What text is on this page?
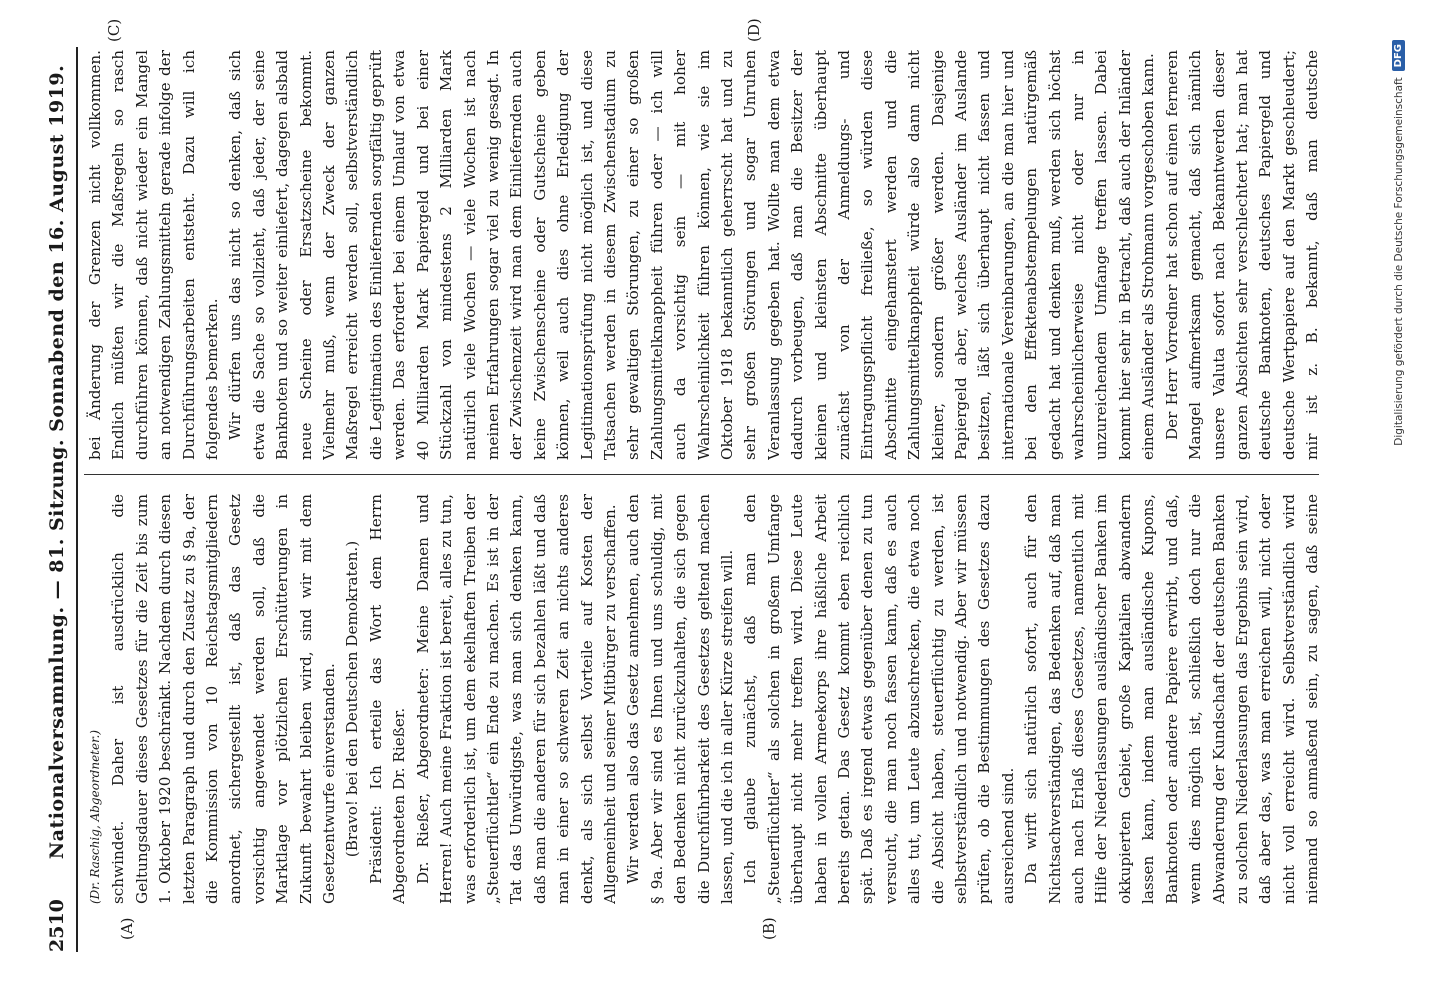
2510
Nationalversammlung. — 81. Sitzung. Sonnabend den 16. August 1919.
(A)	(B)
(C)	(D)

(Dr. Raschig, Abgeordneter.) schwindet. Daher ist ausdrücklich die Geltungsdauer dieses Gesetzes für die Zeit bis zum 1. Oktober 1920 beschränkt. Nachdem durch diesen letzten Paragraph und durch den Zusatz zu § 9a, der die Kommission von 10 Reichstagsmitgliedern anordnet, sichergestellt ist, daß das Gesetz vorsichtig angewendet werden soll, daß die Marktlage vor plötzlichen Erschütterungen in Zukunft bewahrt bleiben wird, sind wir mit dem Gesetzentwurfe einverstanden. (Bravo! bei den Deutschen Demokraten.) Präsident: Ich erteile das Wort dem Herrn Abgeordneten Dr. Rießer. Dr. Rießer, Abgeordneter: Meine Damen und Herren! Auch meine Fraktion ist bereit, alles zu tun, was erforderlich ist, um dem ekelhaften Treiben der „Steuerflüchtler“ ein Ende zu machen. Es ist in der Tat das Unwürdigste, was man sich denken kann, daß man die anderen für sich bezahlen läßt und daß man in einer so schweren Zeit an nichts anderes denkt, als sich selbst Vorteile auf Kosten der Allgemeinheit und seiner Mitbürger zu verschaffen. Wir werden also das Gesetz annehmen, auch den § 9a. Aber wir sind es Ihnen und uns schuldig, mit den Bedenken nicht zurückzuhalten, die sich gegen die Durchführbarkeit des Gesetzes geltend machen lassen, und die ich in aller Kürze streifen will. Ich glaube zunächst, daß man den „Steuerflüchtler“ als solchen in großem Umfange überhaupt nicht mehr treffen wird. Diese Leute haben in vollen Armeekorps ihre häßliche Arbeit bereits getan. Das Gesetz kommt eben reichlich spät. Daß es irgend etwas gegenüber denen zu tun versucht, die man noch fassen kann, daß es auch alles tut, um Leute abzuschrecken, die etwa noch die Absicht haben, steuerflüchtig zu werden, ist selbstverständlich und notwendig. Aber wir müssen prüfen, ob die Bestimmungen des Gesetzes dazu ausreichend sind. Da wirft sich natürlich sofort, auch für den Nichtsachverständigen, das Bedenken auf, daß man auch nach Erlaß dieses Gesetzes, namentlich mit Hilfe der Niederlassungen ausländischer Banken im okkupierten Gebiet, große Kapitalien abwandern lassen kann, indem man ausländische Kupons, Banknoten oder andere Papiere erwirbt, und daß, wenn dies möglich ist, schließlich doch nur die Abwanderung der Kundschaft der deutschen Banken zu solchen Niederlassungen das Ergebnis sein wird, daß aber das, was man erreichen will, nicht oder nicht voll erreicht wird. Selbstverständlich wird niemand so anmaßend sein, zu sagen, daß seine

bei Änderung der Grenzen nicht vollkommen. Endlich müßten wir die Maßregeln so rasch durchführen können, daß nicht wieder ein Mangel an notwendigen Zahlungsmitteln gerade infolge der Durchführungsarbeiten entsteht. Dazu will ich folgendes bemerken. Wir dürfen uns das nicht so denken, daß sich etwa die Sache so vollzieht, daß jeder, der seine Banknoten und so weiter einliefert, dagegen alsbald neue Scheine oder Ersatzscheine bekommt. Vielmehr muß, wenn der Zweck der ganzen Maßregel erreicht werden soll, selbstverständlich die Legitimation des Einliefernden sorgfältig geprüft werden. Das erfordert bei einem Umlauf von etwa 40 Milliarden Mark Papiergeld und bei einer Stückzahl von mindestens 2 Milliarden Mark natürlich viele Wochen — viele Wochen ist nach meinen Erfahrungen sogar viel zu wenig gesagt. In der Zwischenzeit wird man dem Einliefernden auch keine Zwischenscheine oder Gutscheine geben können, weil auch dies ohne Erledigung der Legitimationsprüfung nicht möglich ist, und diese Tatsachen werden in diesem Zwischenstadium zu sehr gewaltigen Störungen, zu einer so großen Zahlungsmittelknappheit führen oder — ich will auch da vorsichtig sein — mit hoher Wahrscheinlichkeit führen können, wie sie im Oktober 1918 bekanntlich geherrscht hat und zu sehr großen Störungen und sogar Unruhen Veranlassung gegeben hat. Wollte man dem etwa dadurch vorbeugen, daß man die Besitzer der kleinen und kleinsten Abschnitte überhaupt zunächst von der Anmeldungs- und Eintragungspflicht freiließe, so würden diese Abschnitte eingehamstert werden und die Zahlungsmittelknappheit würde also dann nicht kleiner, sondern größer werden. Dasjenige Papiergeld aber, welches Ausländer im Auslande besitzen, läßt sich überhaupt nicht fassen und internationale Vereinbarungen, an die man hier und bei den Effektenabstempelungen natürgemäß gedacht hat und denken muß, werden sich höchst wahrscheinlicherweise nicht oder nur in unzureichendem Umfange treffen lassen. Dabei kommt hier sehr in Betracht, daß auch der Inländer einem Ausländer als Strohmann vorgeschoben kann. Der Herr Vorredner hat schon auf einen ferneren Mangel aufmerksam gemacht, daß sich nämlich unsere Valuta sofort nach Bekanntwerden dieser ganzen Absichten sehr verschlechtert hat; man hat deutsche Banknoten, deutsches Papiergeld und deutsche Wertpapiere auf den Markt geschleudert; mir ist z. B. bekannt, daß man deutsche	Digitalisierung gefördert durch die Deutsche Forschungsgemeinschaft
DFG
